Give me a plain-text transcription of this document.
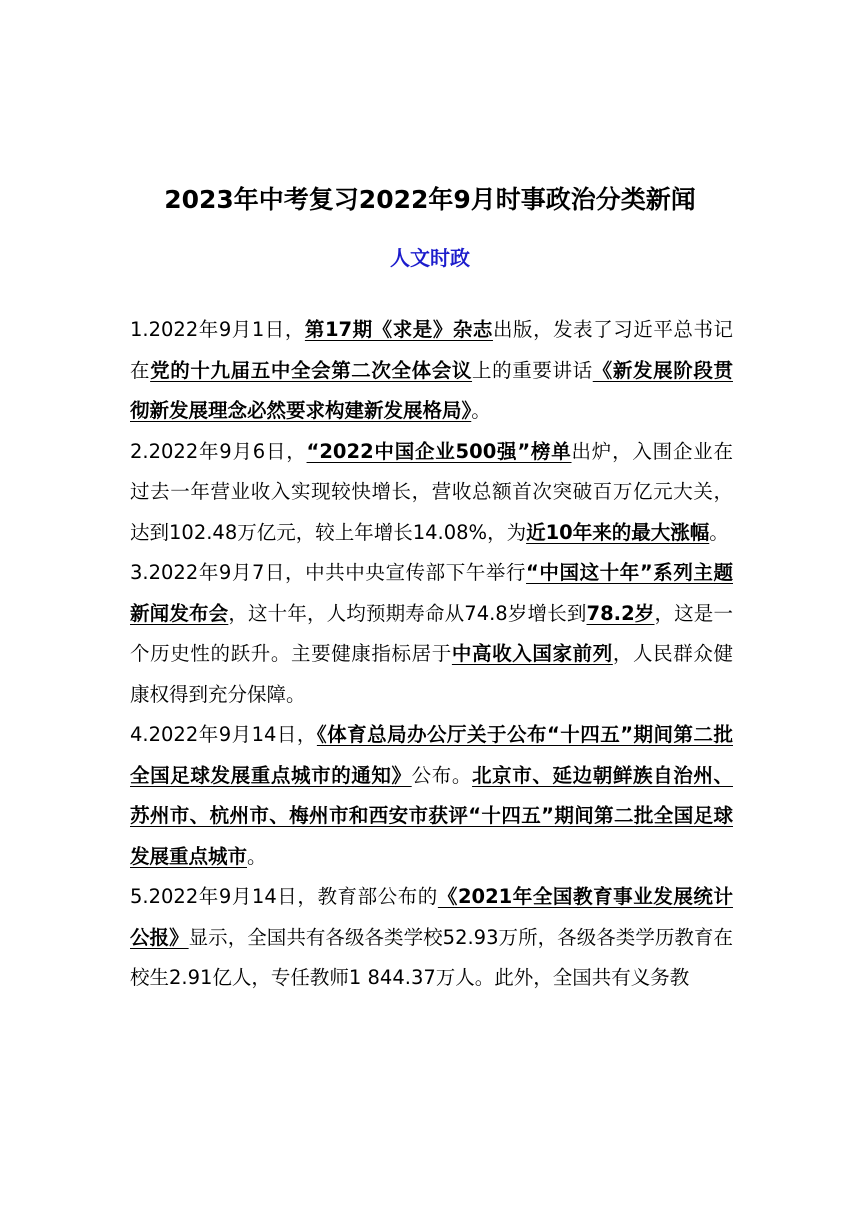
2023年中考复习2022年9月时事政治分类新闻
人文时政

1.2022年9月1日，第17期《求是》杂志出版，发表了习近平总书记在党的十九届五中全会第二次全体会议上的重要讲话《新发展阶段贯彻新发展理念必然要求构建新发展格局》。

2.2022年9月6日，“2022中国企业500强”榜单出炉，入围企业在过去一年营业收入实现较快增长，营收总额首次突破百万亿元大关，达到102.48万亿元，较上年增长14.08%，为近10年来的最大涨幅。

3.2022年9月7日，中共中央宣传部下午举行“中国这十年”系列主题新闻发布会，这十年，人均预期寿命从74.8岁增长到78.2岁，这是一个历史性的跃升。主要健康指标居于中高收入国家前列，人民群众健康权得到充分保障。

4.2022年9月14日，《体育总局办公厅关于公布“十四五”期间第二批全国足球发展重点城市的通知》公布。北京市、延边朝鲜族自治州、苏州市、杭州市、梅州市和西安市获评“十四五”期间第二批全国足球发展重点城市。

5.2022年9月14日，教育部公布的《2021年全国教育事业发展统计公报》显示，全国共有各级各类学校52.93万所，各级各类学历教育在校生2.91亿人，专任教师1 844.37万人。此外，全国共有义务教
